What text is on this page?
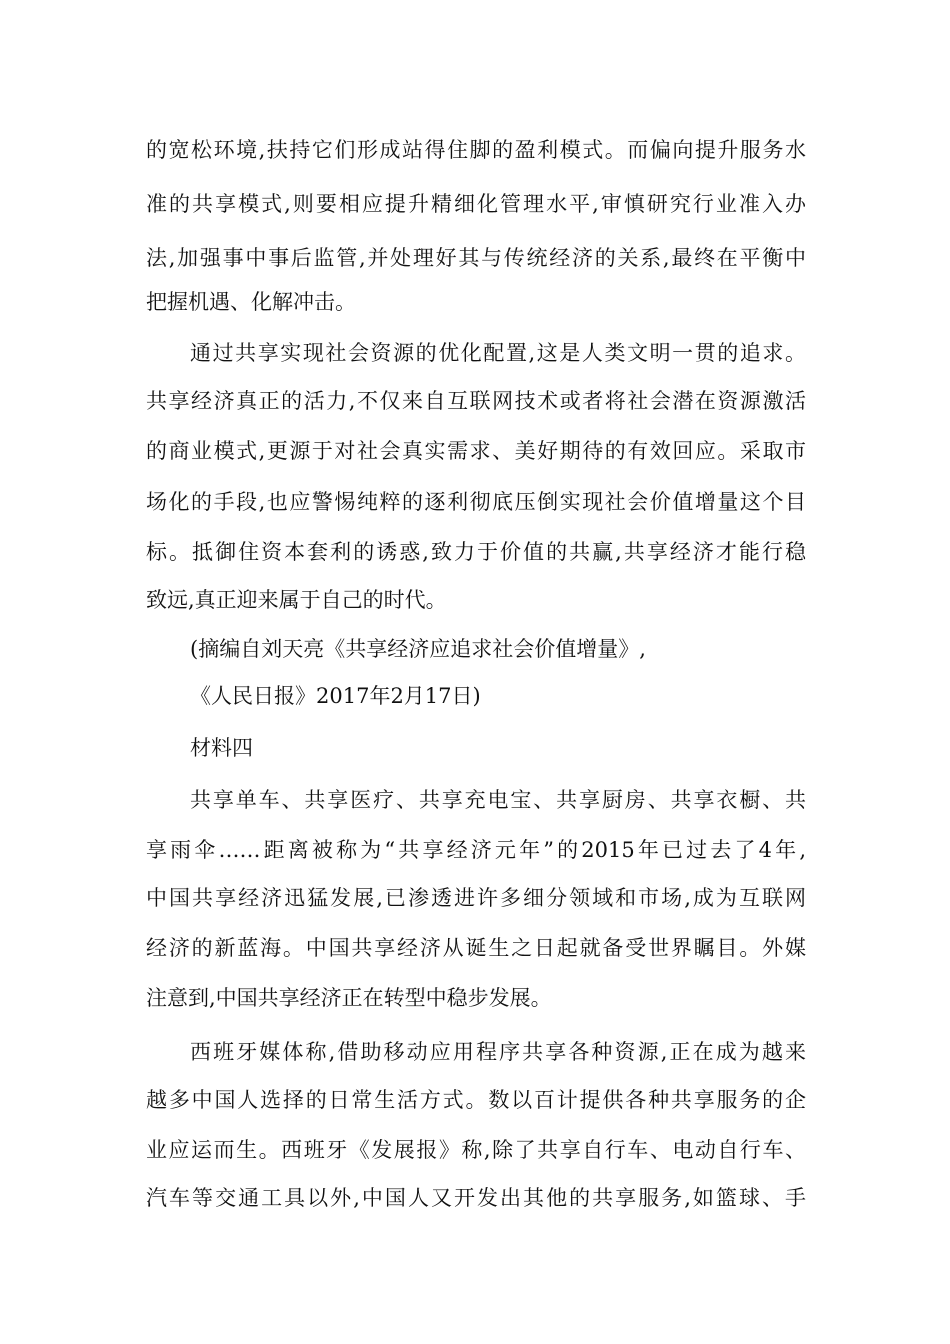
的宽松环境,扶持它们形成站得住脚的盈利模式。而偏向提升服务水
准的共享模式,则要相应提升精细化管理水平,审慎研究行业准入办
法,加强事中事后监管,并处理好其与传统经济的关系,最终在平衡中
把握机遇、化解冲击。
通过共享实现社会资源的优化配置,这是人类文明一贯的追求。
共享经济真正的活力,不仅来自互联网技术或者将社会潜在资源激活
的商业模式,更源于对社会真实需求、美好期待的有效回应。采取市
场化的手段,也应警惕纯粹的逐利彻底压倒实现社会价值增量这个目
标。抵御住资本套利的诱惑,致力于价值的共赢,共享经济才能行稳
致远,真正迎来属于自己的时代。
(摘编自刘天亮《共享经济应追求社会价值增量》,
《人民日报》2017年2月17日)
材料四
共享单车、共享医疗、共享充电宝、共享厨房、共享衣橱、共
享雨伞……距离被称为“共享经济元年”的2015年已过去了4年,
中国共享经济迅猛发展,已渗透进许多细分领域和市场,成为互联网
经济的新蓝海。中国共享经济从诞生之日起就备受世界瞩目。外媒
注意到,中国共享经济正在转型中稳步发展。
西班牙媒体称,借助移动应用程序共享各种资源,正在成为越来
越多中国人选择的日常生活方式。数以百计提供各种共享服务的企
业应运而生。西班牙《发展报》称,除了共享自行车、电动自行车、
汽车等交通工具以外,中国人又开发出其他的共享服务,如篮球、手
